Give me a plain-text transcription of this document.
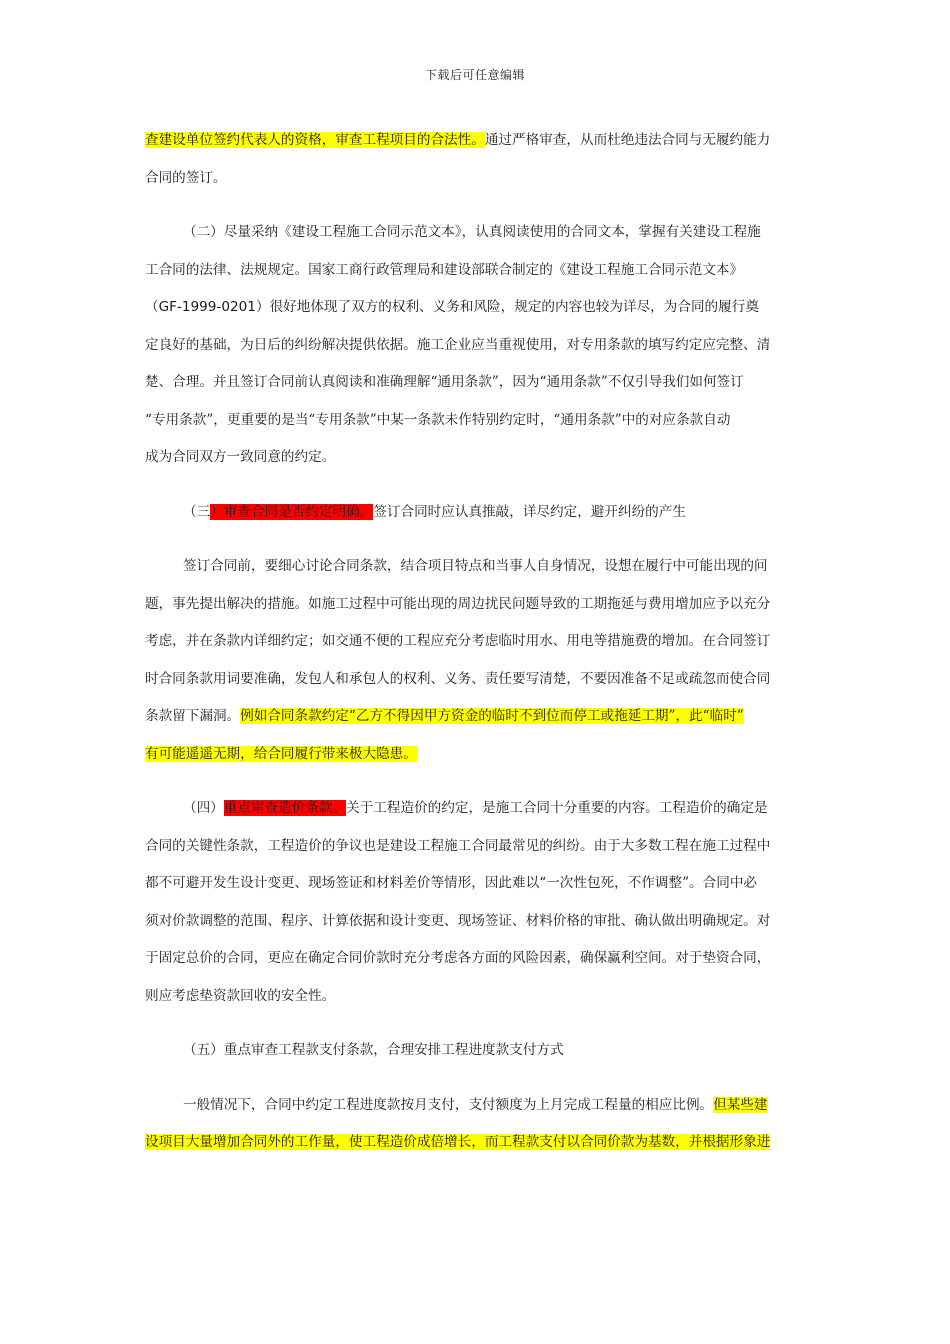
下载后可任意编辑
查建设单位签约代表人的资格，审查工程项目的合法性。通过严格审查，从而杜绝违法合同与无履约能力
合同的签订。
（二）尽量采纳《建设工程施工合同示范文本》，认真阅读使用的合同文本，掌握有关建设工程施
工合同的法律、法规规定。国家工商行政管理局和建设部联合制定的《建设工程施工合同示范文本》
（GF-1999-0201）很好地体现了双方的权利、义务和风险，规定的内容也较为详尽，为合同的履行奠
定良好的基础，为日后的纠纷解决提供依据。施工企业应当重视使用，对专用条款的填写约定应完整、清
楚、合理。并且签订合同前认真阅读和准确理解“通用条款”，因为“通用条款”不仅引导我们如何签订
“专用条款”，更重要的是当“专用条款”中某一条款未作特别约定时，“通用条款”中的对应条款自动
成为合同双方一致同意的约定。
（三）审查合同是否约定明确。签订合同时应认真推敲，详尽约定，避开纠纷的产生
签订合同前，要细心讨论合同条款，结合项目特点和当事人自身情况，设想在履行中可能出现的问
题，事先提出解决的措施。如施工过程中可能出现的周边扰民问题导致的工期拖延与费用增加应予以充分
考虑，并在条款内详细约定；如交通不便的工程应充分考虑临时用水、用电等措施费的增加。在合同签订
时合同条款用词要准确，发包人和承包人的权利、义务、责任要写清楚，不要因准备不足或疏忽而使合同
条款留下漏洞。例如合同条款约定“乙方不得因甲方资金的临时不到位而停工或拖延工期”，此“临时”
有可能遥遥无期，给合同履行带来极大隐患。
（四）重点审查造价条款。关于工程造价的约定，是施工合同十分重要的内容。工程造价的确定是
合同的关键性条款，工程造价的争议也是建设工程施工合同最常见的纠纷。由于大多数工程在施工过程中
都不可避开发生设计变更、现场签证和材料差价等情形，因此难以“一次性包死，不作调整”。合同中必
须对价款调整的范围、程序、计算依据和设计变更、现场签证、材料价格的审批、确认做出明确规定。对
于固定总价的合同，更应在确定合同价款时充分考虑各方面的风险因素，确保赢利空间。对于垫资合同，
则应考虑垫资款回收的安全性。
（五）重点审查工程款支付条款，合理安排工程进度款支付方式
一般情况下，合同中约定工程进度款按月支付，支付额度为上月完成工程量的相应比例。但某些建
设项目大量增加合同外的工作量，使工程造价成倍增长，而工程款支付以合同价款为基数，并根据形象进
